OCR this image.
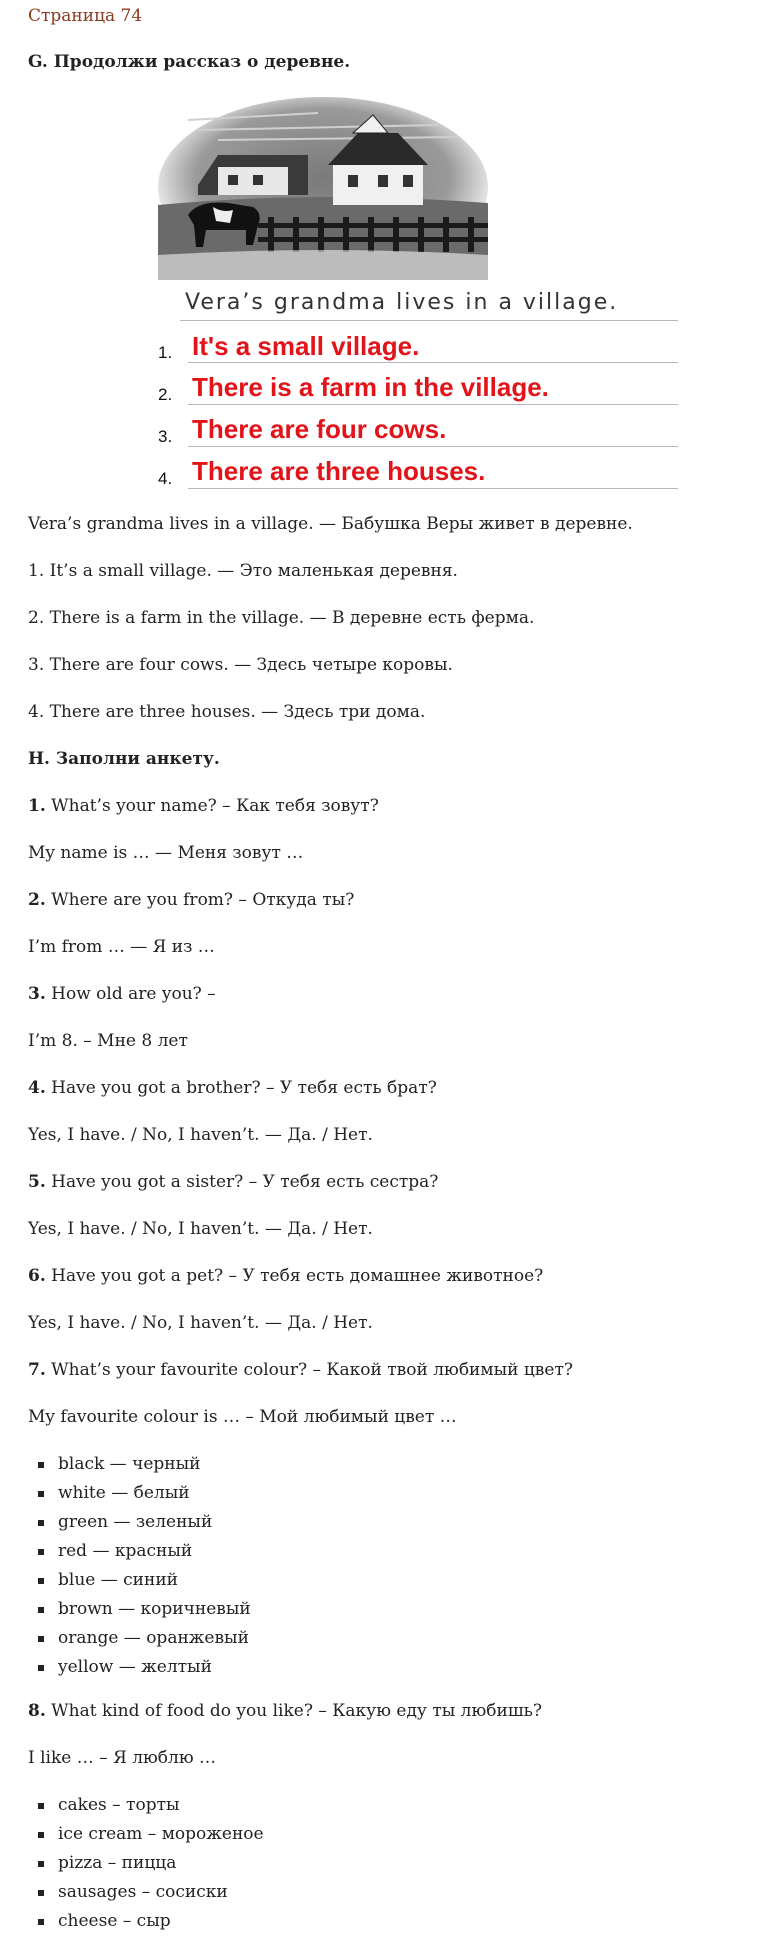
Страница 74
G. Продолжи рассказ о деревне.
Vera’s grandma lives in a village.
1. It's a small village.
2. There is a farm in the village.
3. There are four cows.
4. There are three houses.
Vera’s grandma lives in a village. — Бабушка Веры живет в деревне.
1. It’s a small village. — Это маленькая деревня.
2. There is a farm in the village. — В деревне есть ферма.
3. There are four cows. — Здесь четыре коровы.
4. There are three houses. — Здесь три дома.
H. Заполни анкету.
1. What’s your name? – Как тебя зовут?
My name is … — Меня зовут …
2. Where are you from? – Откуда ты?
I’m from … — Я из …
3. How old are you? –
I’m 8. – Мне 8 лет
4. Have you got a brother? – У тебя есть брат?
Yes, I have. / No, I haven’t. — Да. / Нет.
5. Have you got a sister? – У тебя есть сестра?
Yes, I have. / No, I haven’t. — Да. / Нет.
6. Have you got a pet? – У тебя есть домашнее животное?
Yes, I have. / No, I haven’t. — Да. / Нет.
7. What’s your favourite colour? – Какой твой любимый цвет?
My favourite colour is … – Мой любимый цвет …
black — черный
white — белый
green — зеленый
red — красный
blue — синий
brown — коричневый
orange — оранжевый
yellow — желтый
8. What kind of food do you like? – Какую еду ты любишь?
I like … – Я люблю …
cakes – торты
ice cream – мороженое
pizza – пицца
sausages – сосиски
cheese – сыр
